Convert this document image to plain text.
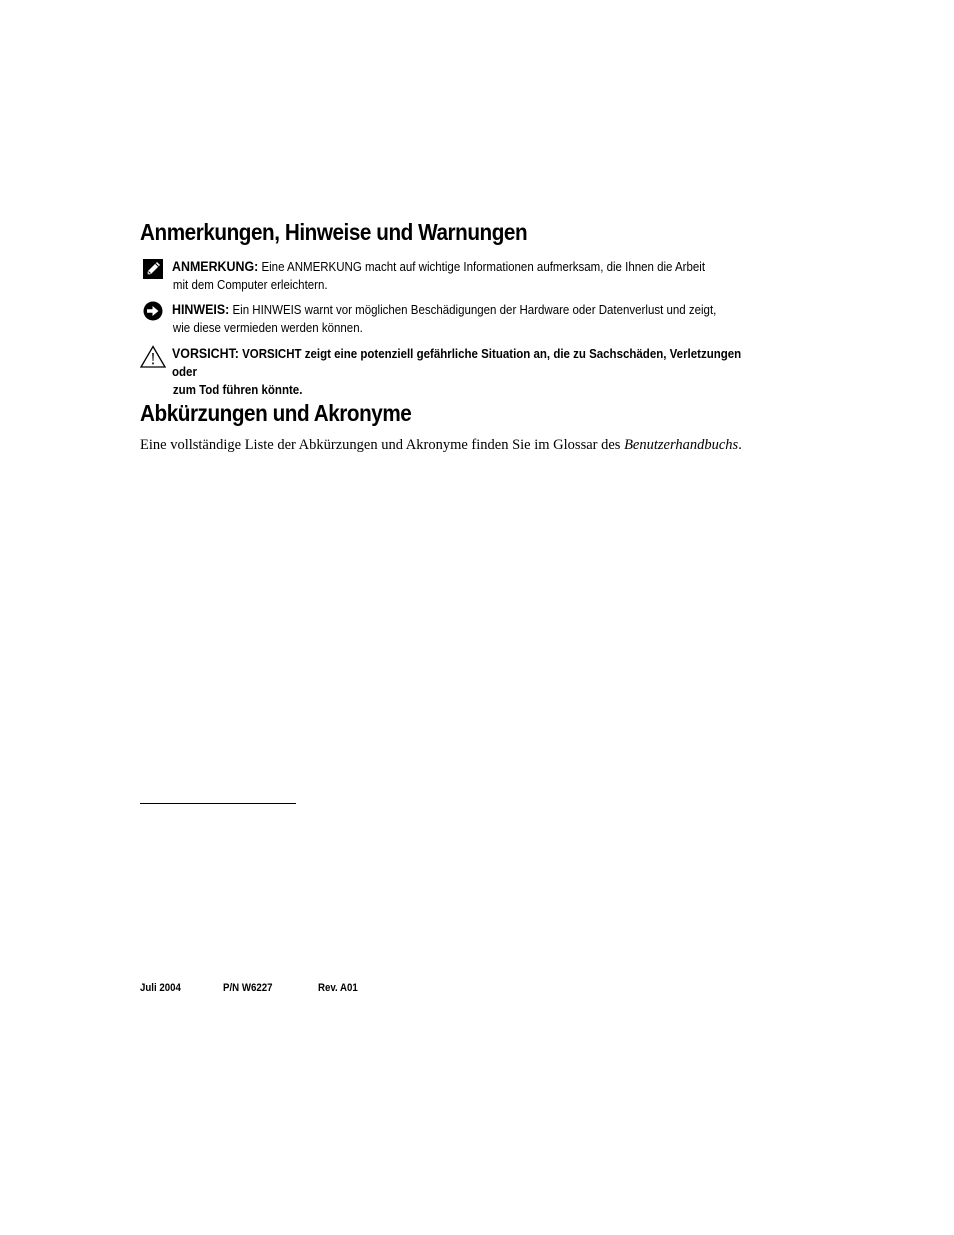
Anmerkungen, Hinweise und Warnungen
ANMERKUNG: Eine ANMERKUNG macht auf wichtige Informationen aufmerksam, die Ihnen die Arbeit
mit dem Computer erleichtern.
HINWEIS: Ein HINWEIS warnt vor möglichen Beschädigungen der Hardware oder Datenverlust und zeigt,
wie diese vermieden werden können.
VORSICHT: VORSICHT zeigt eine potenziell gefährliche Situation an, die zu Sachschäden, Verletzungen oder
zum Tod führen könnte.
Abkürzungen und Akronyme

Eine vollständige Liste der Abkürzungen und Akronyme finden Sie im Glossar des Benutzerhandbuchs.

Juli 2004	P/N W6227	Rev. A01
